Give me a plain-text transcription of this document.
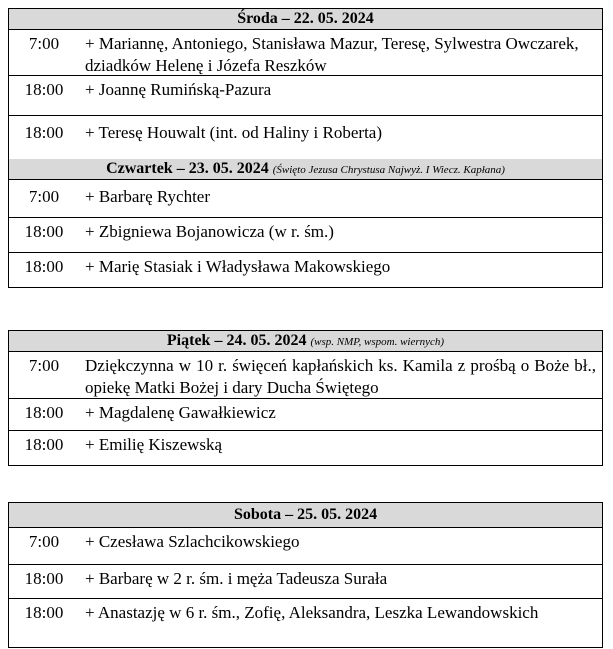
Środa – 22. 05. 2024
7:00	+ Mariannę, Antoniego, Stanisława Mazur, Teresę, Sylwestra Owczarek, dziadków Helenę i Józefa Reszków
18:00	+ Joannę Rumińską-Pazura
18:00	+ Teresę Houwalt (int. od Haliny i Roberta)
Czwartek – 23. 05. 2024 (Święto Jezusa Chrystusa Najwyż. I Wiecz. Kapłana)
7:00	+ Barbarę Rychter
18:00	+ Zbigniewa Bojanowicza (w r. śm.)
18:00	+ Marię Stasiak i Władysława Makowskiego
Piątek – 24. 05. 2024 (wsp. NMP, wspom. wiernych)
7:00	Dziękczynna w 10 r. święceń kapłańskich ks. Kamila z prośbą o Boże bł., opiekę Matki Bożej i dary Ducha Świętego
18:00	+ Magdalenę Gawałkiewicz
18:00	+ Emilię Kiszewską
Sobota – 25. 05. 2024
7:00	+ Czesława Szlachcikowskiego
18:00	+ Barbarę w 2 r. śm. i męża Tadeusza Surała
18:00	+ Anastazję w 6 r. śm., Zofię, Aleksandra, Leszka Lewandowskich
